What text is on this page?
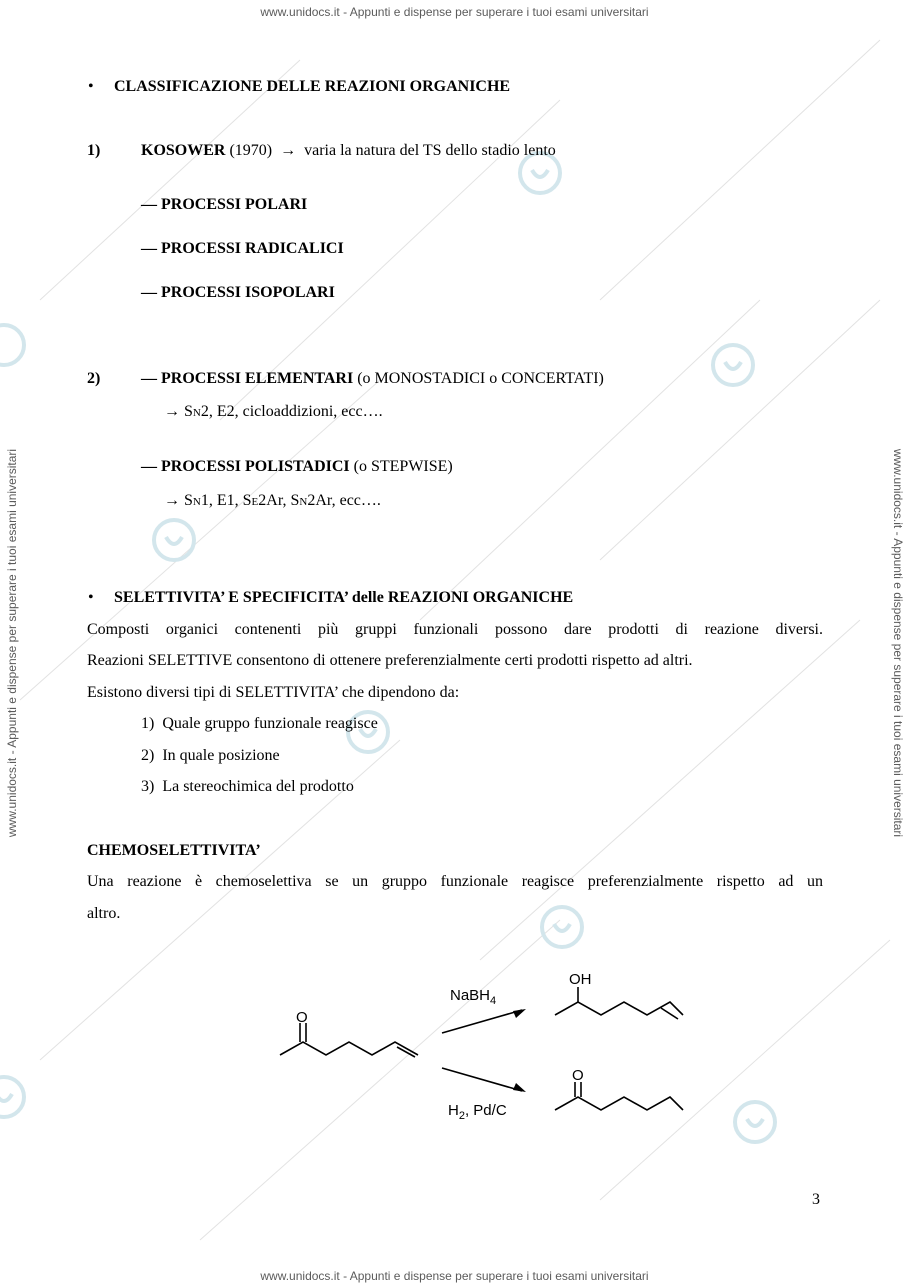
www.unidocs.it - Appunti e dispense per superare i tuoi esami universitari
www.unidocs.it - Appunti e dispense per superare i tuoi esami universitari
www.unidocs.it - Appunti e dispense per superare i tuoi esami universitari	www.unidocs.it - Appunti e dispense per superare i tuoi esami universitari
• CLASSIFICAZIONE DELLE REAZIONI ORGANICHE
1)	KOSOWER (1970) → varia la natura del TS dello stadio lento
— PROCESSI POLARI
— PROCESSI RADICALICI
— PROCESSI ISOPOLARI
2)	— PROCESSI ELEMENTARI (o MONOSTADICI o CONCERTATI)
→ SN2, E2, cicloaddizioni, ecc….
— PROCESSI POLISTADICI (o STEPWISE)
→ SN1, E1, SE2Ar, SN2Ar, ecc….
• SELETTIVITA’ E SPECIFICITA’ delle REAZIONI ORGANICHE
Composti organici contenenti più gruppi funzionali possono dare prodotti di reazione diversi.
Reazioni SELETTIVE consentono di ottenere preferenzialmente certi prodotti rispetto ad altri.
Esistono diversi tipi di SELETTIVITA’ che dipendono da:
1) Quale gruppo funzionale reagisce
2) In quale posizione
3) La stereochimica del prodotto
CHEMOSELETTIVITA’
Una reazione è chemoselettiva se un gruppo funzionale reagisce preferenzialmente rispetto ad un
altro.
O
NaBH$_4$
$H_2$, Pd/C
OH
O
3
